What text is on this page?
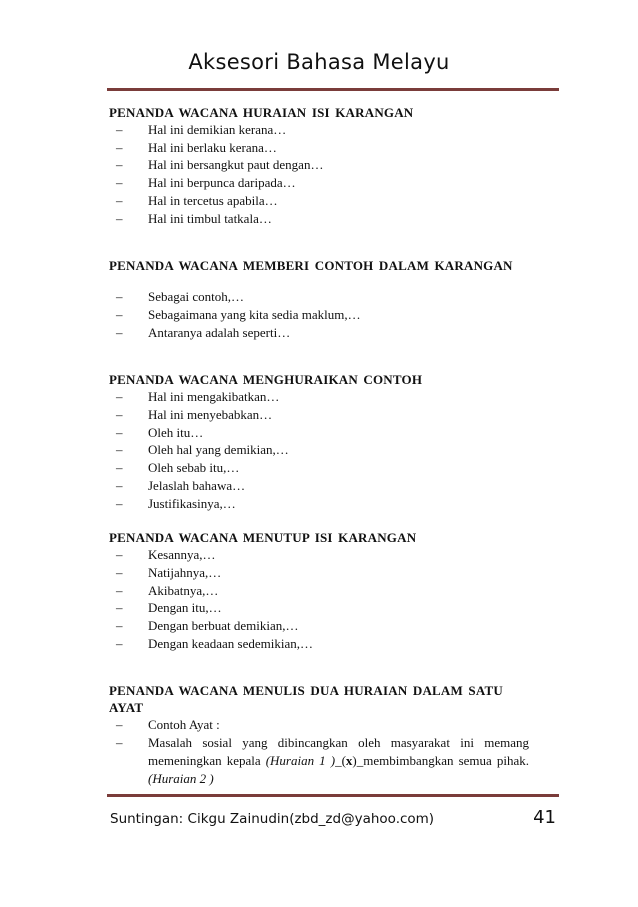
Aksesori Bahasa Melayu
PENANDA WACANA HURAIAN ISI KARANGAN
– Hal ini demikian kerana…
– Hal ini berlaku kerana…
– Hal ini bersangkut paut dengan…
– Hal ini berpunca daripada…
– Hal in tercetus apabila…
– Hal ini timbul tatkala…
PENANDA WACANA MEMBERI CONTOH DALAM KARANGAN
– Sebagai contoh,…
– Sebagaimana yang kita sedia maklum,…
– Antaranya adalah seperti…
PENANDA WACANA MENGHURAIKAN CONTOH
– Hal ini mengakibatkan…
– Hal ini menyebabkan…
– Oleh itu…
– Oleh hal yang demikian,…
– Oleh sebab itu,…
– Jelaslah bahawa…
– Justifikasinya,…
PENANDA WACANA MENUTUP ISI KARANGAN
– Kesannya,…
– Natijahnya,…
– Akibatnya,…
– Dengan itu,…
– Dengan berbuat demikian,…
– Dengan keadaan sedemikian,…
PENANDA WACANA MENULIS DUA HURAIAN DALAM SATU AYAT
– Contoh Ayat :
– Masalah sosial yang dibincangkan oleh masyarakat ini memang memeningkan kepala (Huraian 1 )_(x)_membimbangkan semua pihak. (Huraian 2 )
Suntingan: Cikgu Zainudin(zbd_zd@yahoo.com)	41
